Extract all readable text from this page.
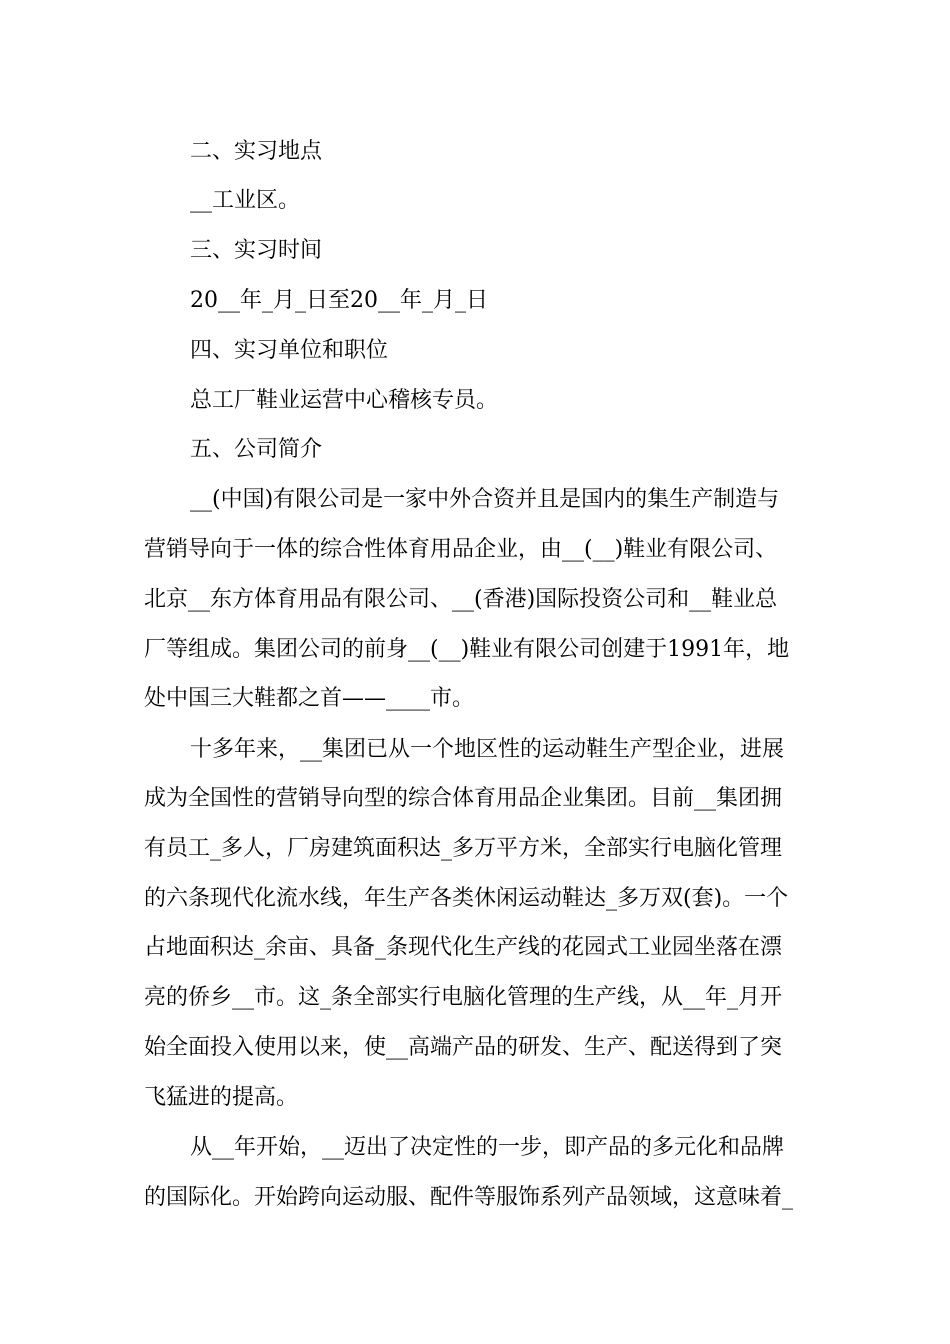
二、实习地点

__工业区。

三、实习时间

20__年_月_日至20__年_月_日

四、实习单位和职位

总工厂鞋业运营中心稽核专员。

五、公司简介

__(中国)有限公司是一家中外合资并且是国内的集生产制造与

营销导向于一体的综合性体育用品企业，由__(__)鞋业有限公司、

北京__东方体育用品有限公司、__(香港)国际投资公司和__鞋业总

厂等组成。集团公司的前身__(__)鞋业有限公司创建于1991年，地

处中国三大鞋都之首——____市。

十多年来，__集团已从一个地区性的运动鞋生产型企业，进展

成为全国性的营销导向型的综合体育用品企业集团。目前__集团拥

有员工_多人，厂房建筑面积达_多万平方米，全部实行电脑化管理

的六条现代化流水线，年生产各类休闲运动鞋达_多万双(套)。一个

占地面积达_余亩、具备_条现代化生产线的花园式工业园坐落在漂

亮的侨乡__市。这_条全部实行电脑化管理的生产线，从__年_月开

始全面投入使用以来，使__高端产品的研发、生产、配送得到了突

飞猛进的提高。

从__年开始，__迈出了决定性的一步，即产品的多元化和品牌

的国际化。开始跨向运动服、配件等服饰系列产品领域，这意味着_
